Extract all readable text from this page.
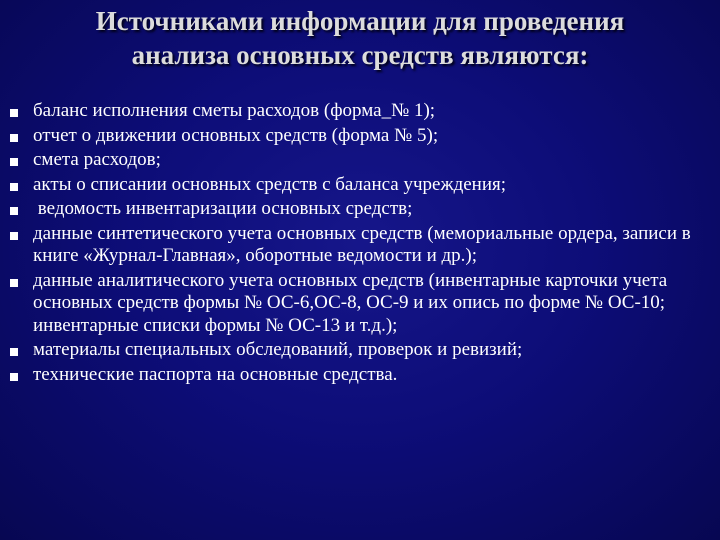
Источниками информации для проведения
анализа основных средств являются:
баланс исполнения сметы расходов (форма_№ 1);
отчет о движении основных средств (форма № 5);
смета расходов;
акты о списании основных средств с баланса учреждения;
ведомость инвентаризации основных средств;
данные синтетического учета основных средств (мемориальные ордера, записи в книге «Журнал-Главная», оборотные ведомости и др.);
данные аналитического учета основных средств (инвентарные карточки учета основных средств формы № ОС-6,ОС-8, ОС-9 и их опись по форме № ОС-10; инвентарные списки формы № ОС-13 и т.д.);
материалы специальных обследований, проверок и ревизий;
технические паспорта на основные средства.
